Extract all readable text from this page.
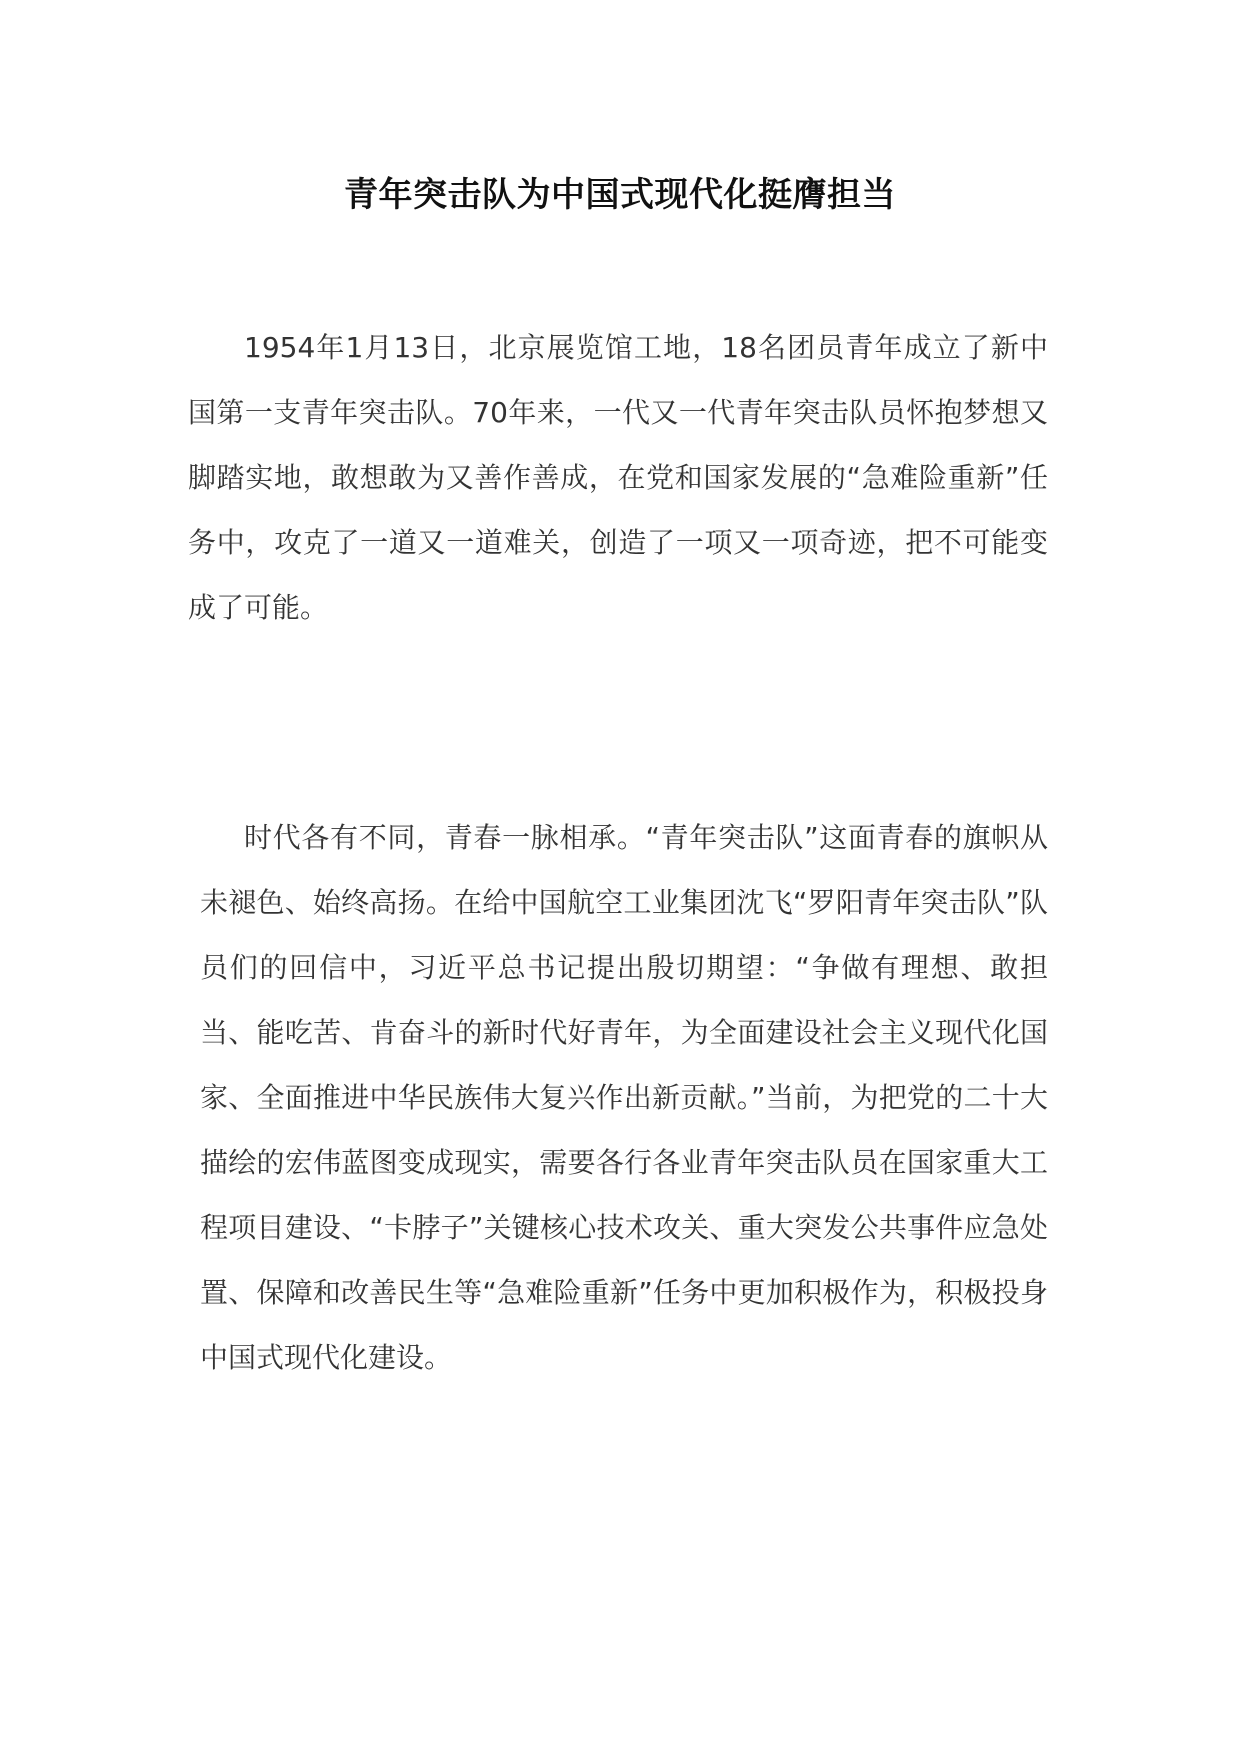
青年突击队为中国式现代化挺膺担当

1954年1月13日，北京展览馆工地，18名团员青年成立了新中国第一支青年突击队。70年来，一代又一代青年突击队员怀抱梦想又脚踏实地，敢想敢为又善作善成，在党和国家发展的“急难险重新”任务中，攻克了一道又一道难关，创造了一项又一项奇迹，把不可能变成了可能。

时代各有不同，青春一脉相承。“青年突击队”这面青春的旗帜从未褪色、始终高扬。在给中国航空工业集团沈飞“罗阳青年突击队”队员们的回信中，习近平总书记提出殷切期望：“争做有理想、敢担当、能吃苦、肯奋斗的新时代好青年，为全面建设社会主义现代化国家、全面推进中华民族伟大复兴作出新贡献。”当前，为把党的二十大描绘的宏伟蓝图变成现实，需要各行各业青年突击队员在国家重大工程项目建设、“卡脖子”关键核心技术攻关、重大突发公共事件应急处置、保障和改善民生等“急难险重新”任务中更加积极作为，积极投身中国式现代化建设。
